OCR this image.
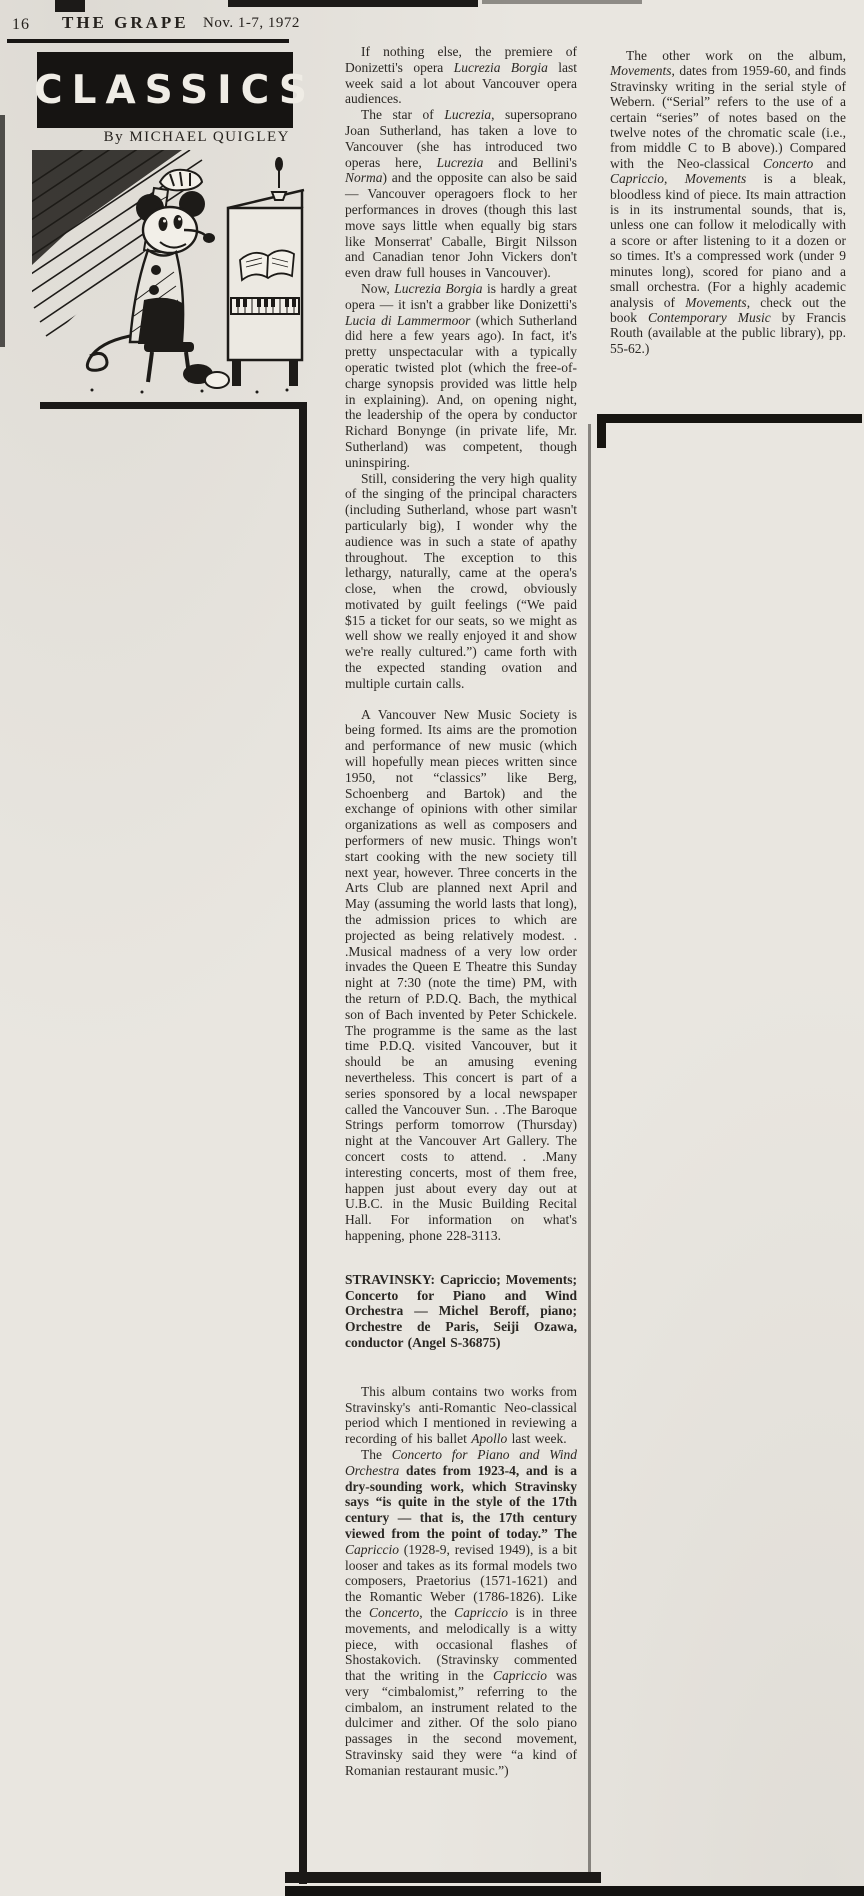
16 THE GRAPE Nov. 1-7, 1972
CLASSICS
By MICHAEL QUIGLEY

If nothing else, the premiere of Donizetti's opera Lucrezia Borgia last week said a lot about Vancouver opera audiences.

The star of Lucrezia, supersoprano Joan Sutherland, has taken a love to Vancouver (she has introduced two operas here, Lucrezia and Bellini's Norma) and the opposite can also be said — Vancouver operagoers flock to her performances in droves (though this last move says little when equally big stars like Monserrat' Caballe, Birgit Nilsson and Canadian tenor John Vickers don't even draw full houses in Vancouver).

Now, Lucrezia Borgia is hardly a great opera — it isn't a grabber like Donizetti's Lucia di Lammermoor (which Sutherland did here a few years ago). In fact, it's pretty unspectacular with a typically operatic twisted plot (which the free-of-charge synopsis provided was little help in explaining). And, on opening night, the leadership of the opera by conductor Richard Bonynge (in private life, Mr. Sutherland) was competent, though uninspiring.

Still, considering the very high quality of the singing of the principal characters (including Sutherland, whose part wasn't particularly big), I wonder why the audience was in such a state of apathy throughout. The exception to this lethargy, naturally, came at the opera's close, when the crowd, obviously motivated by guilt feelings (“We paid $15 a ticket for our seats, so we might as well show we really enjoyed it and show we're really cultured.”) came forth with the expected standing ovation and multiple curtain calls.

A Vancouver New Music Society is being formed. Its aims are the promotion and performance of new music (which will hopefully mean pieces written since 1950, not “classics” like Berg, Schoenberg and Bartok) and the exchange of opinions with other similar organizations as well as composers and performers of new music. Things won't start cooking with the new society till next year, however. Three concerts in the Arts Club are planned next April and May (assuming the world lasts that long), the admission prices to which are projected as being relatively modest. . .Musical madness of a very low order invades the Queen E Theatre this Sunday night at 7:30 (note the time) PM, with the return of P.D.Q. Bach, the mythical son of Bach invented by Peter Schickele. The programme is the same as the last time P.D.Q. visited Vancouver, but it should be an amusing evening nevertheless. This concert is part of a series sponsored by a local newspaper called the Vancouver Sun. . .The Baroque Strings perform tomorrow (Thursday) night at the Vancouver Art Gallery. The concert costs to attend. . .Many interesting concerts, most of them free, happen just about every day out at U.B.C. in the Music Building Recital Hall. For information on what's happening, phone 228-3113.

STRAVINSKY: Capriccio; Movements; Concerto for Piano and Wind Orchestra — Michel Beroff, piano; Orchestre de Paris, Seiji Ozawa, conductor (Angel S-36875)

This album contains two works from Stravinsky's anti-Romantic Neo-classical period which I mentioned in reviewing a recording of his ballet Apollo last week.

The Concerto for Piano and Wind Orchestra dates from 1923-4, and is a dry-sounding work, which Stravinsky says “is quite in the style of the 17th century — that is, the 17th century viewed from the point of today.” The Capriccio (1928-9, revised 1949), is a bit looser and takes as its formal models two composers, Praetorius (1571-1621) and the Romantic Weber (1786-1826). Like the Concerto, the Capriccio is in three movements, and melodically is a witty piece, with occasional flashes of Shostakovich. (Stravinsky commented that the writing in the Capriccio was very “cimbalomist,” referring to the cimbalom, an instrument related to the dulcimer and zither. Of the solo piano passages in the second movement, Stravinsky said they were “a kind of Romanian restaurant music.”)

The other work on the album, Movements, dates from 1959-60, and finds Stravinsky writing in the serial style of Webern. (“Serial” refers to the use of a certain “series” of notes based on the twelve notes of the chromatic scale (i.e., from middle C to B above).) Compared with the Neo-classical Concerto and Capriccio, Movements is a bleak, bloodless kind of piece. Its main attraction is in its instrumental sounds, that is, unless one can follow it melodically with a score or after listening to it a dozen or so times. It's a compressed work (under 9 minutes long), scored for piano and a small orchestra. (For a highly academic analysis of Movements, check out the book Contemporary Music by Francis Routh (available at the public library), pp. 55-62.)
